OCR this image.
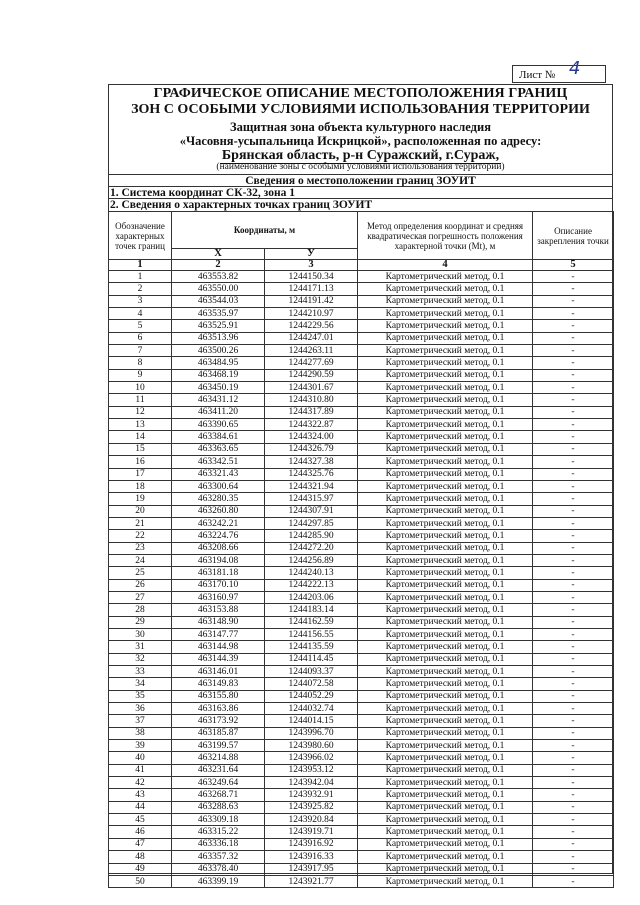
Лист № 4
ГРАФИЧЕСКОЕ ОПИСАНИЕ МЕСТОПОЛОЖЕНИЯ ГРАНИЦ
ЗОН С ОСОБЫМИ УСЛОВИЯМИ ИСПОЛЬЗОВАНИЯ ТЕРРИТОРИИ
Защитная зона объекта культурного наследия
«Часовня-усыпальница Искрицкой», расположенная по адресу:
Брянская область, р-н Суражский, г.Сураж,
(наименование зоны с особыми условиями использования территории)
Сведения о местоположении границ ЗОУИТ
1. Система координат СК-32, зона 1
2. Сведения о характерных точках границ ЗОУИТ
Обозначение характерных точек границ	Координаты, м		Метод определения координат и средняя квадратическая погрешность положения характерной точки (Mt), м	Описание закрепления точки
	X	У		
1	2	3	4	5
1	463553.82	1244150.34	Картометрический метод, 0.1	-
2	463550.00	1244171.13	Картометрический метод, 0.1	-
3	463544.03	1244191.42	Картометрический метод, 0.1	-
4	463535.97	1244210.97	Картометрический метод, 0.1	-
5	463525.91	1244229.56	Картометрический метод, 0.1	-
6	463513.96	1244247.01	Картометрический метод, 0.1	-
7	463500.26	1244263.11	Картометрический метод, 0.1	-
8	463484.95	1244277.69	Картометрический метод, 0.1	-
9	463468.19	1244290.59	Картометрический метод, 0.1	-
10	463450.19	1244301.67	Картометрический метод, 0.1	-
11	463431.12	1244310.80	Картометрический метод, 0.1	-
12	463411.20	1244317.89	Картометрический метод, 0.1	-
13	463390.65	1244322.87	Картометрический метод, 0.1	-
14	463384.61	1244324.00	Картометрический метод, 0.1	-
15	463363.65	1244326.79	Картометрический метод, 0.1	-
16	463342.51	1244327.38	Картометрический метод, 0.1	-
17	463321.43	1244325.76	Картометрический метод, 0.1	-
18	463300.64	1244321.94	Картометрический метод, 0.1	-
19	463280.35	1244315.97	Картометрический метод, 0.1	-
20	463260.80	1244307.91	Картометрический метод, 0.1	-
21	463242.21	1244297.85	Картометрический метод, 0.1	-
22	463224.76	1244285.90	Картометрический метод, 0.1	-
23	463208.66	1244272.20	Картометрический метод, 0.1	-
24	463194.08	1244256.89	Картометрический метод, 0.1	-
25	463181.18	1244240.13	Картометрический метод, 0.1	-
26	463170.10	1244222.13	Картометрический метод, 0.1	-
27	463160.97	1244203.06	Картометрический метод, 0.1	-
28	463153.88	1244183.14	Картометрический метод, 0.1	-
29	463148.90	1244162.59	Картометрический метод, 0.1	-
30	463147.77	1244156.55	Картометрический метод, 0.1	-
31	463144.98	1244135.59	Картометрический метод, 0.1	-
32	463144.39	1244114.45	Картометрический метод, 0.1	-
33	463146.01	1244093.37	Картометрический метод, 0.1	-
34	463149.83	1244072.58	Картометрический метод, 0.1	-
35	463155.80	1244052.29	Картометрический метод, 0.1	-
36	463163.86	1244032.74	Картометрический метод, 0.1	-
37	463173.92	1244014.15	Картометрический метод, 0.1	-
38	463185.87	1243996.70	Картометрический метод, 0.1	-
39	463199.57	1243980.60	Картометрический метод, 0.1	-
40	463214.88	1243966.02	Картометрический метод, 0.1	-
41	463231.64	1243953.12	Картометрический метод, 0.1	-
42	463249.64	1243942.04	Картометрический метод, 0.1	-
43	463268.71	1243932.91	Картометрический метод, 0.1	-
44	463288.63	1243925.82	Картометрический метод, 0.1	-
45	463309.18	1243920.84	Картометрический метод, 0.1	-
46	463315.22	1243919.71	Картометрический метод, 0.1	-
47	463336.18	1243916.92	Картометрический метод, 0.1	-
48	463357.32	1243916.33	Картометрический метод, 0.1	-
49	463378.40	1243917.95	Картометрический метод, 0.1	-
50	463399.19	1243921.77	Картометрический метод, 0.1	-
